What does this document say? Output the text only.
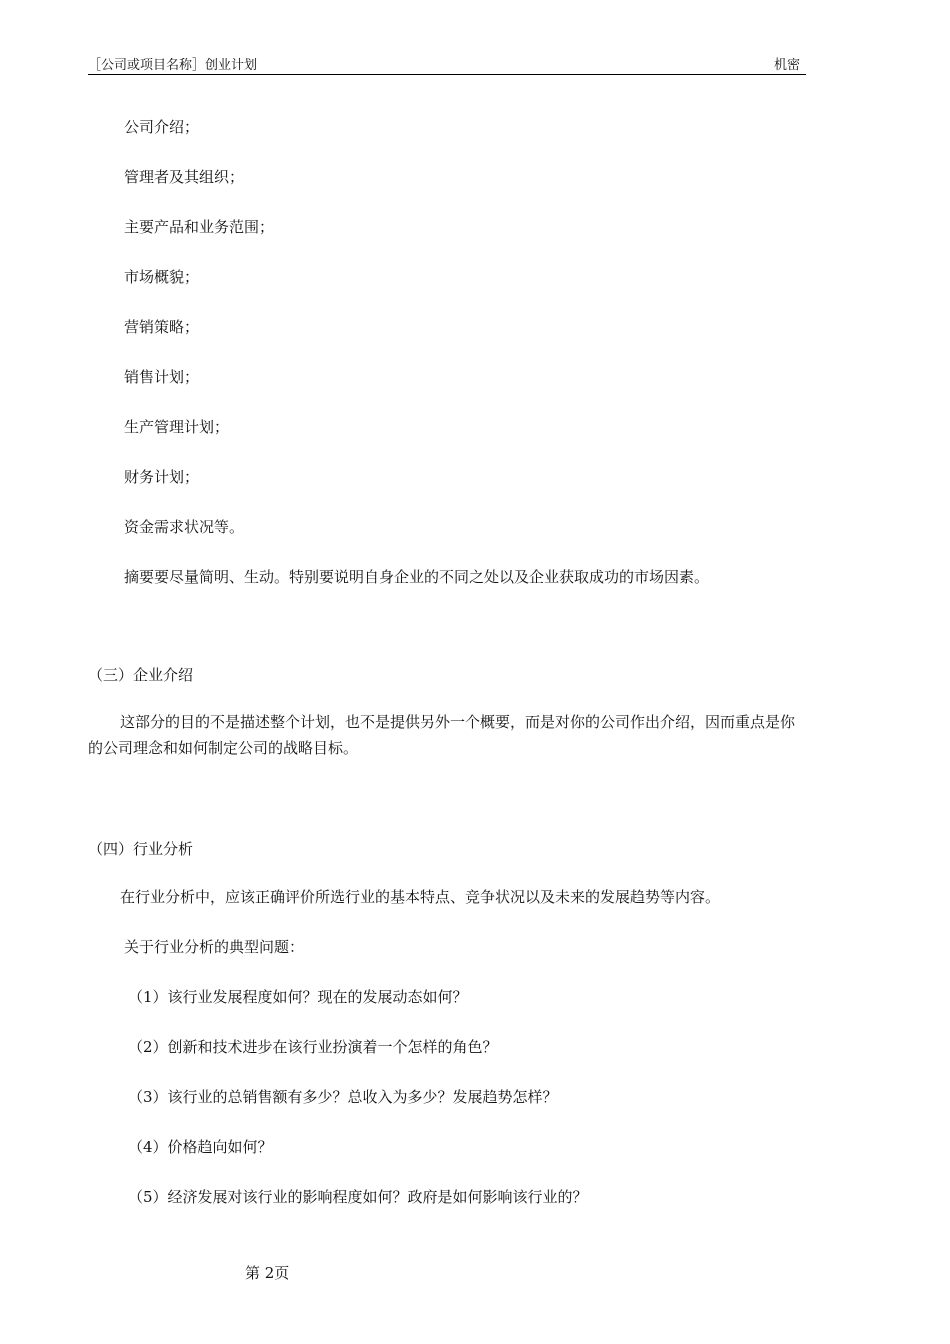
［公司或项目名称］创业计划	机密
公司介绍；
管理者及其组织；
主要产品和业务范围；
市场概貌；
营销策略；
销售计划；
生产管理计划；
财务计划；
资金需求状况等。
摘要要尽量简明、生动。特别要说明自身企业的不同之处以及企业获取成功的市场因素。
（三）企业介绍
这部分的目的不是描述整个计划，也不是提供另外一个概要，而是对你的公司作出介绍，因而重点是你的公司理念和如何制定公司的战略目标。
（四）行业分析
在行业分析中，应该正确评价所选行业的基本特点、竞争状况以及未来的发展趋势等内容。
关于行业分析的典型问题：
（1）该行业发展程度如何？现在的发展动态如何？
（2）创新和技术进步在该行业扮演着一个怎样的角色？
（3）该行业的总销售额有多少？总收入为多少？发展趋势怎样？
（4）价格趋向如何？
（5）经济发展对该行业的影响程度如何？政府是如何影响该行业的？
第 2页
